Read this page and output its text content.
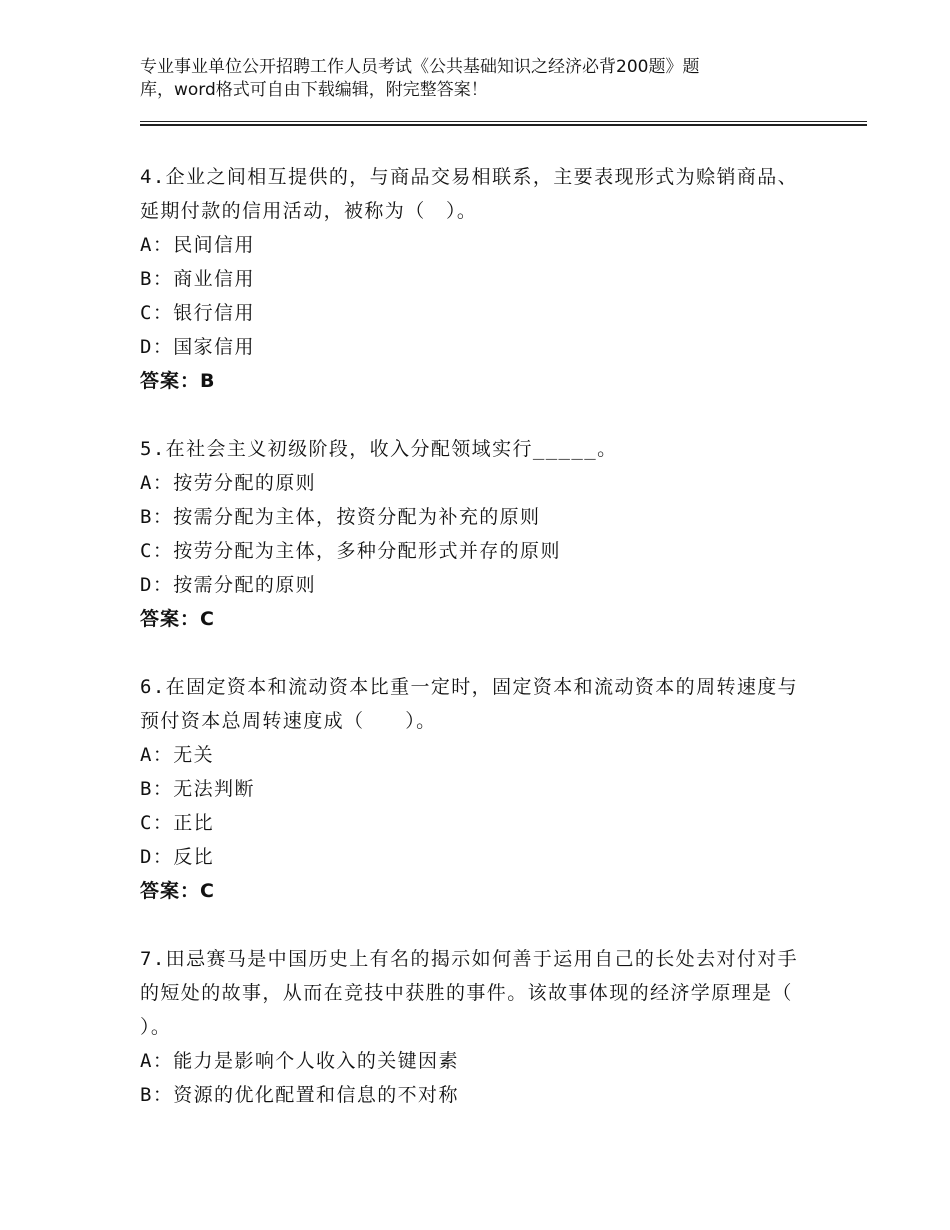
专业事业单位公开招聘工作人员考试《公共基础知识之经济必背200题》题
库，word格式可自由下载编辑，附完整答案！
4.企业之间相互提供的，与商品交易相联系，主要表现形式为赊销商品、延期付款的信用活动，被称为（　）。
A：民间信用
B：商业信用
C：银行信用
D：国家信用
答案：B
5.在社会主义初级阶段，收入分配领域实行_____。
A：按劳分配的原则
B：按需分配为主体，按资分配为补充的原则
C：按劳分配为主体，多种分配形式并存的原则
D：按需分配的原则
答案：C
6.在固定资本和流动资本比重一定时，固定资本和流动资本的周转速度与预付资本总周转速度成（　　）。
A：无关
B：无法判断
C：正比
D：反比
答案：C
7.田忌赛马是中国历史上有名的揭示如何善于运用自己的长处去对付对手的短处的故事，从而在竞技中获胜的事件。该故事体现的经济学原理是（　　）。
A：能力是影响个人收入的关键因素
B：资源的优化配置和信息的不对称
